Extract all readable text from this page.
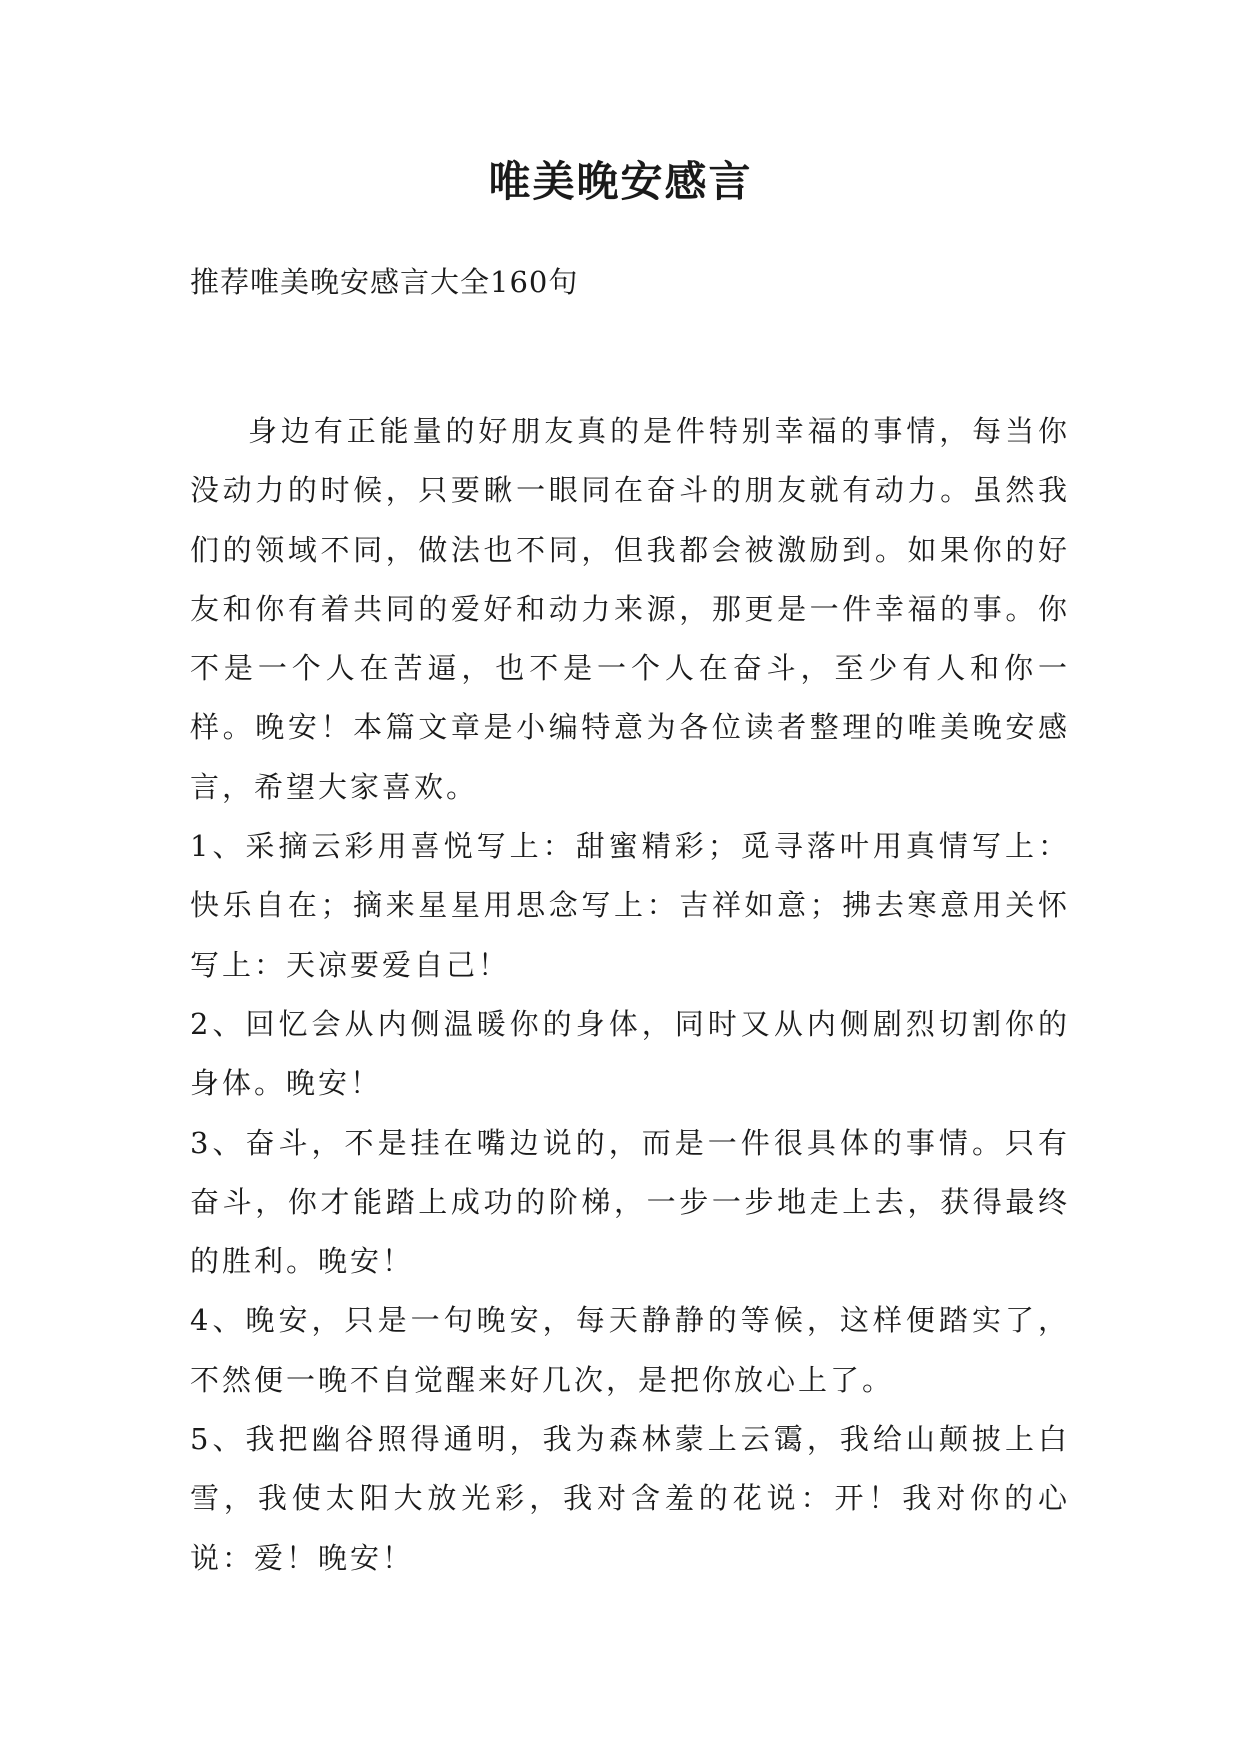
唯美晚安感言
推荐唯美晚安感言大全160句

身边有正能量的好朋友真的是件特别幸福的事情，每当你没动力的时候，只要瞅一眼同在奋斗的朋友就有动力。虽然我们的领域不同，做法也不同，但我都会被激励到。如果你的好友和你有着共同的爱好和动力来源，那更是一件幸福的事。你不是一个人在苦逼，也不是一个人在奋斗，至少有人和你一样。晚安！本篇文章是小编特意为各位读者整理的唯美晚安感言，希望大家喜欢。

1、采摘云彩用喜悦写上：甜蜜精彩；觅寻落叶用真情写上：快乐自在；摘来星星用思念写上：吉祥如意；拂去寒意用关怀写上：天凉要爱自己！

2、回忆会从内侧温暖你的身体，同时又从内侧剧烈切割你的身体。晚安！

3、奋斗，不是挂在嘴边说的，而是一件很具体的事情。只有奋斗，你才能踏上成功的阶梯，一步一步地走上去，获得最终的胜利。晚安！

4、晚安，只是一句晚安，每天静静的等候，这样便踏实了，不然便一晚不自觉醒来好几次，是把你放心上了。

5、我把幽谷照得通明，我为森林蒙上云霭，我给山颠披上白雪，我使太阳大放光彩，我对含羞的花说：开！我对你的心说：爱！晚安！
